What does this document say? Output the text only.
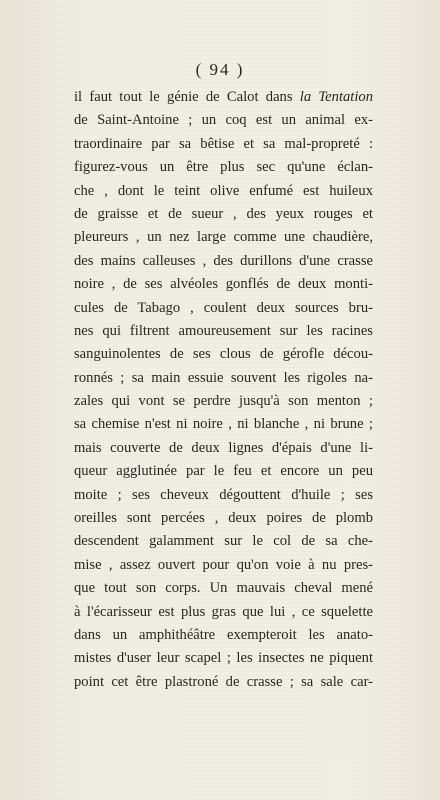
( 94 )
il faut tout le génie de Calot dans la Tentation
de Saint-Antoine ; un coq est un animal ex-
traordinaire par sa bêtise et sa mal-propreté :
figurez-vous un être plus sec qu'une éclan-
che , dont le teint olive enfumé est huileux
de graisse et de sueur , des yeux rouges et
pleureurs , un nez large comme une chaudière,
des mains calleuses , des durillons d'une crasse
noire , de ses alvéoles gonflés de deux monti-
cules de Tabago , coulent deux sources bru-
nes qui filtrent amoureusement sur les racines
sanguinolentes de ses clous de gérofle décou-
ronnés ; sa main essuie souvent les rigoles na-
zales qui vont se perdre jusqu'à son menton ;
sa chemise n'est ni noire , ni blanche , ni brune ;
mais couverte de deux lignes d'épais d'une li-
queur agglutinée par le feu et encore un peu
moite ; ses cheveux dégouttent d'huile ; ses
oreilles sont percées , deux poires de plomb
descendent galamment sur le col de sa che-
mise , assez ouvert pour qu'on voie à nu pres-
que tout son corps. Un mauvais cheval mené
à l'écarisseur est plus gras que lui , ce squelette
dans un amphithéâtre exempteroit les anato-
mistes d'user leur scapel ; les insectes ne piquent
point cet être plastroné de crasse ; sa sale car-
